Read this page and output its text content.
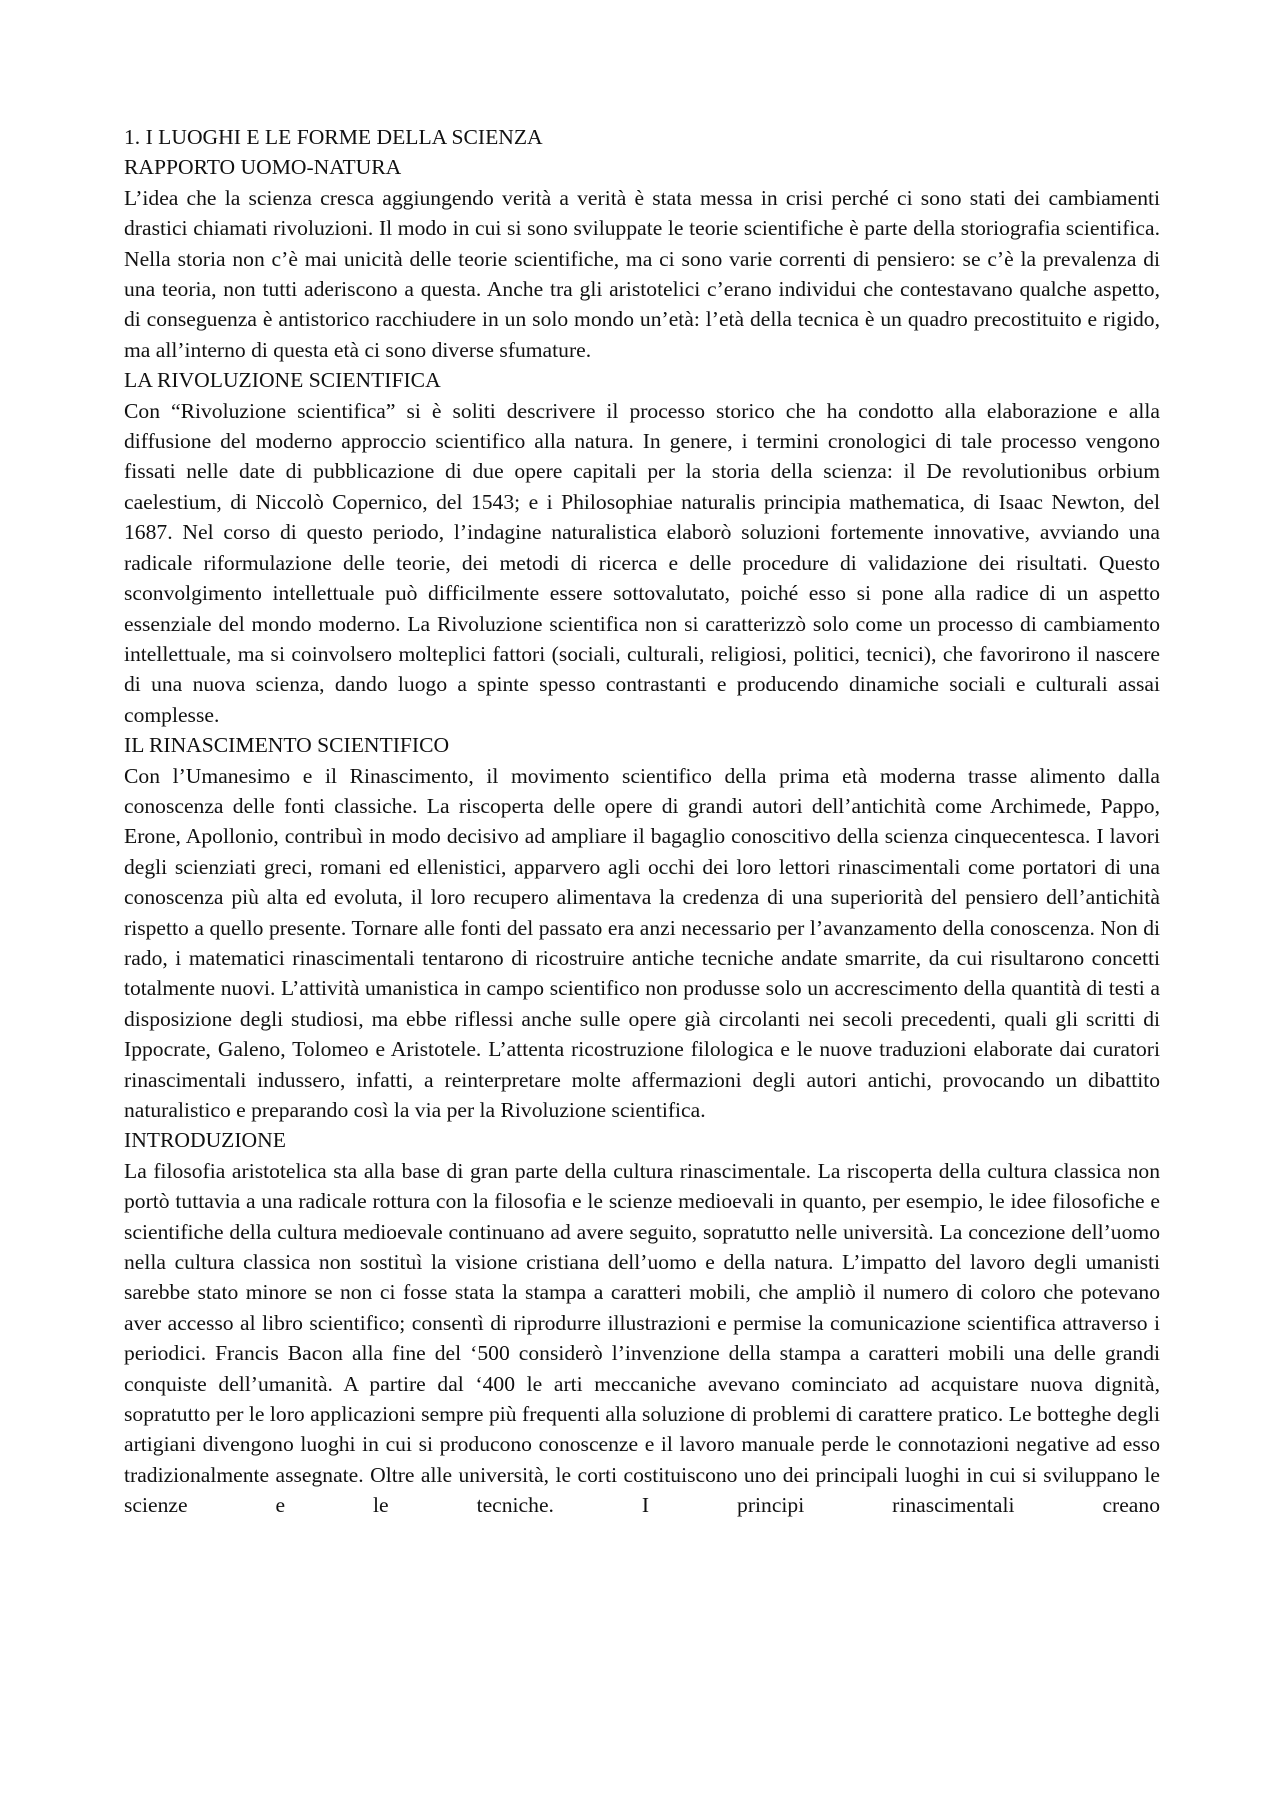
1. I LUOGHI E LE FORME DELLA SCIENZA
RAPPORTO UOMO-NATURA

L’idea che la scienza cresca aggiungendo verità a verità è stata messa in crisi perché ci sono stati dei cambiamenti drastici chiamati rivoluzioni. Il modo in cui si sono sviluppate le teorie scientifiche è parte della storiografia scientifica. Nella storia non c’è mai unicità delle teorie scientifiche, ma ci sono varie correnti di pensiero: se c’è la prevalenza di una teoria, non tutti aderiscono a questa. Anche tra gli aristotelici c’erano individui che contestavano qualche aspetto, di conseguenza è antistorico racchiudere in un solo mondo un’età: l’età della tecnica è un quadro precostituito e rigido, ma all’interno di questa età ci sono diverse sfumature.

LA RIVOLUZIONE SCIENTIFICA

Con “Rivoluzione scientifica” si è soliti descrivere il processo storico che ha condotto alla elaborazione e alla diffusione del moderno approccio scientifico alla natura. In genere, i termini cronologici di tale processo vengono fissati nelle date di pubblicazione di due opere capitali per la storia della scienza: il De revolutionibus orbium caelestium, di Niccolò Copernico, del 1543; e i Philosophiae naturalis principia mathematica, di Isaac Newton, del 1687. Nel corso di questo periodo, l’indagine naturalistica elaborò soluzioni fortemente innovative, avviando una radicale riformulazione delle teorie, dei metodi di ricerca e delle procedure di validazione dei risultati. Questo sconvolgimento intellettuale può difficilmente essere sottovalutato, poiché esso si pone alla radice di un aspetto essenziale del mondo moderno. La Rivoluzione scientifica non si caratterizzò solo come un processo di cambiamento intellettuale, ma si coinvolsero molteplici fattori (sociali, culturali, religiosi, politici, tecnici), che favorirono il nascere di una nuova scienza, dando luogo a spinte spesso contrastanti e producendo dinamiche sociali e culturali assai complesse.

IL RINASCIMENTO SCIENTIFICO

Con l’Umanesimo e il Rinascimento, il movimento scientifico della prima età moderna trasse alimento dalla conoscenza delle fonti classiche. La riscoperta delle opere di grandi autori dell’antichità come Archimede, Pappo, Erone, Apollonio, contribuì in modo decisivo ad ampliare il bagaglio conoscitivo della scienza cinquecentesca. I lavori degli scienziati greci, romani ed ellenistici, apparvero agli occhi dei loro lettori rinascimentali come portatori di una conoscenza più alta ed evoluta, il loro recupero alimentava la credenza di una superiorità del pensiero dell’antichità rispetto a quello presente. Tornare alle fonti del passato era anzi necessario per l’avanzamento della conoscenza. Non di rado, i matematici rinascimentali tentarono di ricostruire antiche tecniche andate smarrite, da cui risultarono concetti totalmente nuovi. L’attività umanistica in campo scientifico non produsse solo un accrescimento della quantità di testi a disposizione degli studiosi, ma ebbe riflessi anche sulle opere già circolanti nei secoli precedenti, quali gli scritti di Ippocrate, Galeno, Tolomeo e Aristotele. L’attenta ricostruzione filologica e le nuove traduzioni elaborate dai curatori rinascimentali indussero, infatti, a reinterpretare molte affermazioni degli autori antichi, provocando un dibattito naturalistico e preparando così la via per la Rivoluzione scientifica.

INTRODUZIONE

La filosofia aristotelica sta alla base di gran parte della cultura rinascimentale. La riscoperta della cultura classica non portò tuttavia a una radicale rottura con la filosofia e le scienze medioevali in quanto, per esempio, le idee filosofiche e scientifiche della cultura medioevale continuano ad avere seguito, sopratutto nelle università. La concezione dell’uomo nella cultura classica non sostituì la visione cristiana dell’uomo e della natura. L’impatto del lavoro degli umanisti sarebbe stato minore se non ci fosse stata la stampa a caratteri mobili, che ampliò il numero di coloro che potevano aver accesso al libro scientifico; consentì di riprodurre illustrazioni e permise la comunicazione scientifica attraverso i periodici. Francis Bacon alla fine del ‘500 considerò l’invenzione della stampa a caratteri mobili una delle grandi conquiste dell’umanità. A partire dal ‘400 le arti meccaniche avevano cominciato ad acquistare nuova dignità, sopratutto per le loro applicazioni sempre più frequenti alla soluzione di problemi di carattere pratico. Le botteghe degli artigiani divengono luoghi in cui si producono conoscenze e il lavoro manuale perde le connotazioni negative ad esso tradizionalmente assegnate. Oltre alle università, le corti costituiscono uno dei principali luoghi in cui si sviluppano le scienze e le tecniche. I principi rinascimentali creano
